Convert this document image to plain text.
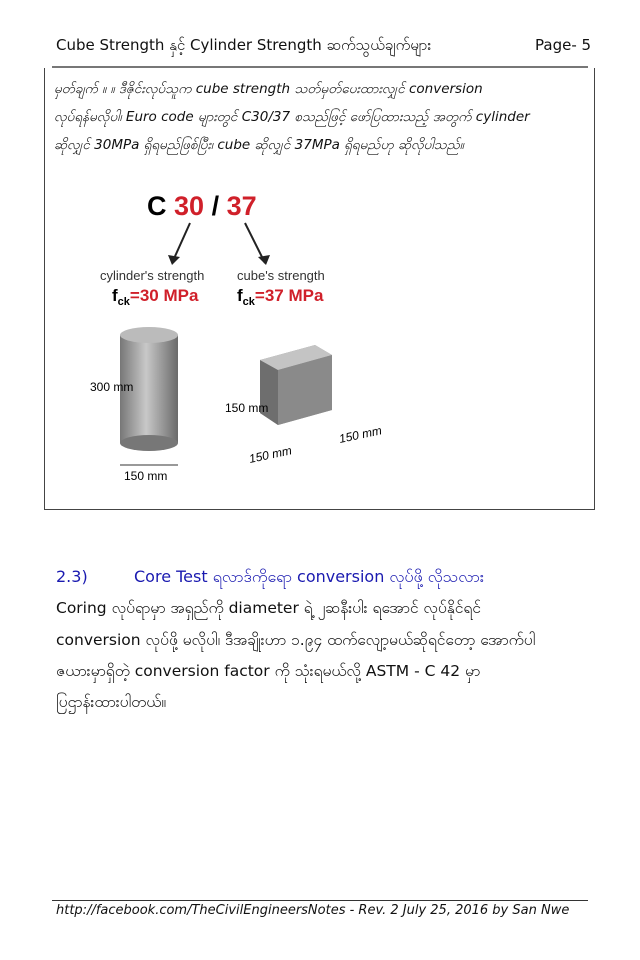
Cube Strength နှင့် Cylinder Strength ဆက်သွယ်ချက်များ	Page- 5
မှတ်ချက် ။ ။ ဒီဇိုင်းလုပ်သူက cube strength သတ်မှတ်ပေးထားလျှင် conversion
လုပ်ရန်မလိုပါ၊ Euro code များတွင် C30/37 စသည်ဖြင့် ဖော်ပြထားသည့် အတွက် cylinder
ဆိုလျှင် 30MPa ရှိရမည်ဖြစ်ပြီး၊ cube ဆိုလျှင် 37MPa ရှိရမည်ဟု ဆိုလိုပါသည်။
C 30 / 37
cylinder's strength	cube's strength
$f_{ck}=30$ MPa $f_{ck}=37$ MPa
300 mm
150 mm
150 mm
150 mm
150 mm
2.3)	Core Test ရလာဒ်ကိုရော conversion လုပ်ဖို့ လိုသလား
Coring လုပ်ရာမှာ အရှည်ကို diameter ရဲ့ ၂ဆနီးပါး ရအောင် လုပ်နိုင်ရင်
conversion လုပ်ဖို့ မလိုပါ၊ ဒီအချိုးဟာ ၁.၉၄ ထက်လျော့မယ်ဆိုရင်တော့ အောက်ပါ
ဇယားမှာရှိတဲ့ conversion factor ကို သုံးရမယ်လို့ ASTM - C 42 မှာ
ပြဌာန်းထားပါတယ်။
http://facebook.com/TheCivilEngineersNotes - Rev. 2 July 25, 2016 by San Nwe
